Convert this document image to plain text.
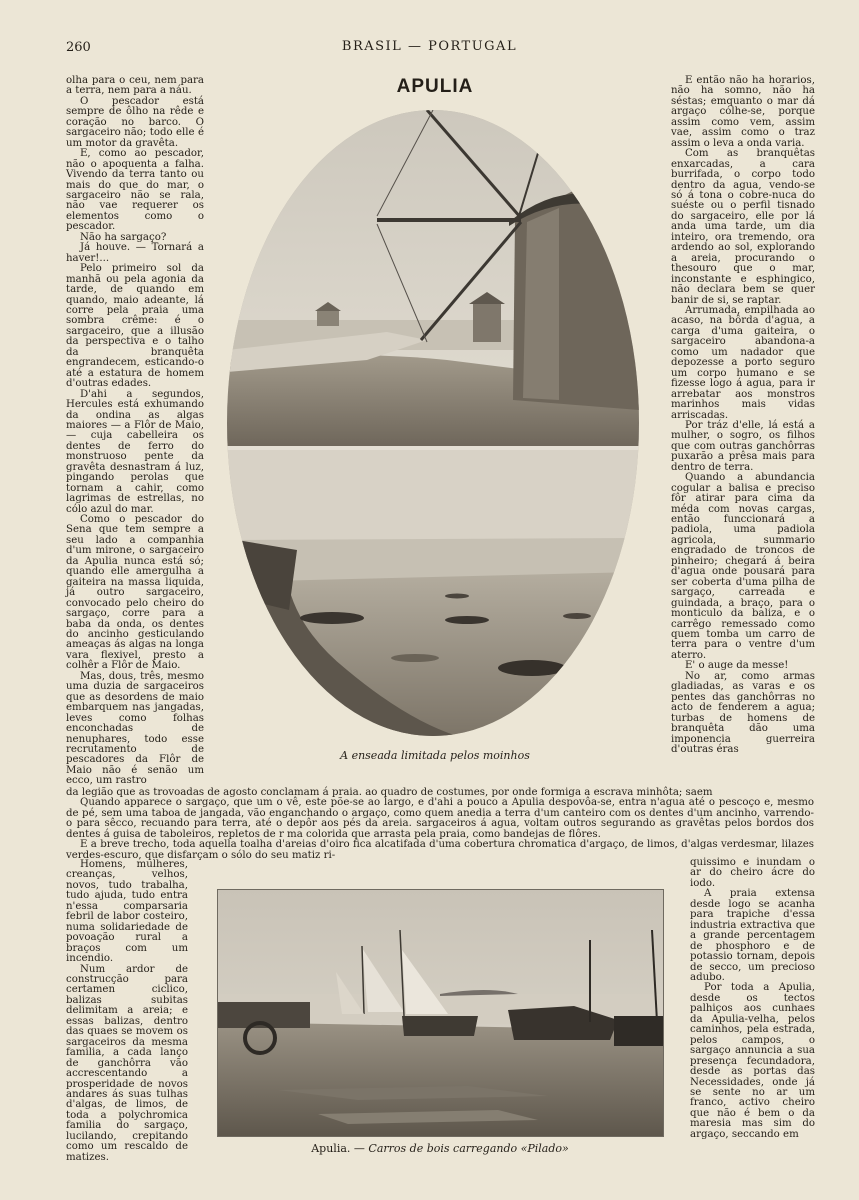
260	BRASIL — PORTUGAL
APULIA

olha para o ceu, nem para a terra, nem para a náu.

O pescador está sempre de ôlho na rêde e coração no barco. O sargaceiro não; todo elle é um motor da gravêta.

E, como ao pescador, não o apoquenta a falha. Vivendo da terra tanto ou mais do que do mar, o sargaceiro não se rala, não vae requerer os elementos como o pescador.

Não ha sargaço?

Já houve. — Tornará a haver!...

Pelo primeiro sol da manhã ou pela agonia da tarde, de quando em quando, maio adeante, lá corre pela praia uma sombra crême: é o sargaceiro, que a illusão da perspectiva e o talho da branquêta engrandecem, esticando-o até a estatura de homem d'outras edades.

D'ahi a segundos, Hercules está exhumando da ondina as algas maiores — a Flôr de Maio, — cuja cabelleira os dentes de ferro do monstruoso pente da gravêta desnastram á luz, pingando perolas que tornam a cahir, como lagrimas de estrellas, no cólo azul do mar.

Como o pescador do Sena que tem sempre a seu lado a companhia d'um mirone, o sargaceiro da Apulia nunca está só; quando elle amergulha a gaiteira na massa liquida, já outro sargaceiro, convocado pelo cheiro do sargaço, corre para a baba da onda, os dentes do ancinho gesticulando ameaças ás algas na longa vara flexivel, presto a colhêr a Flôr de Maio.

Mas, dous, três, mesmo uma duzia de sargaceiros que as desordens de maio embarquem nas jangadas, leves como folhas enconchadas de nenuphares, todo esse recrutamento de pescadores da Flôr de Maio não é senão um ecco, um rastro

A enseada limitada pelos moinhos

E então não ha horarios, não ha somno, não ha séstas; emquanto o mar dá argaço cólhe-se, porque assim como vem, assim vae, assim como o traz assim o leva a onda varia.

Com as branquêtas enxarcadas, a cara burrifada, o corpo todo dentro da agua, vendo-se só á tona o cobre-nuca do suéste ou o perfil tisnado do sargaceiro, elle por lá anda uma tarde, um dia inteiro, ora tremendo, ora ardendo ao sol, explorando a areia, procurando o thesouro que o mar, inconstante e esphingico, não declara bem se quer banir de si, se raptar.

Arrumada, empilhada ao acaso, na bôrda d'agua, a carga d'uma gaiteira, o sargaceiro abandona-a como um nadador que depozesse a porto seguro um corpo humano e se fizesse logo á agua, para ir arrebatar aos monstros marinhos mais vidas arriscadas.

Por tráz d'elle, lá está a mulher, o sogro, os filhos que com outras ganchôrras puxarão a prêsa mais para dentro de terra.

Quando a abundancia cogular a balisa e preciso fôr atirar para cima da méda com novas cargas, então funccionará a padiola, uma padiola agricola, summario engradado de troncos de pinheiro; chegará á beira d'agua onde pousará para ser coberta d'uma pilha de sargaço, carreada e guindada, a braço, para o monticulo da baliza, e o carrêgo remessado como quem tomba um carro de terra para o ventre d'um aterro.

E' o auge da messe!

No ar, como armas gladiadas, as varas e os pentes das ganchôrras no acto de fenderem a agua; turbas de homens de branquêta dão uma imponencia guerreira d'outras éras

da legião que as trovoadas de agosto conclamam á praia. ao quadro de costumes, por onde formiga a escrava minhôta; saem

Quando apparece o sargaço, que um o vê, este põe-se ao largo, e d'ahi a pouco a Apulia despovôa-se, entra n'agua até o pescoço e, mesmo de pé, sem uma taboa de jangada, vão enganchando o argaço, como quem anedia a terra d'um canteiro com os dentes d'um ancinho, varrendo-o para sêcco, recuando para terra, até o depôr aos pés da areia. sargaceiros á agua, voltam outros segurando as gravêtas pelos bordos dos dentes á guisa de taboleiros, repletos de r ma colorida que arrasta pela praia, como bandejas de flôres.

E a breve trecho, toda aquella toalha d'areias d'oiro fica alcatifada d'uma cobertura chromatica d'argaço, de limos, d'algas verdesmar, lilazes verdes-escuro, que disfarçam o sólo do seu matiz ri-

Homens, mulheres, creanças, velhos, novos, tudo trabalha, tudo ajuda, tudo entra n'essa comparsaria febril de labor costeiro, numa solidariedade de povoação rural a braços com um incendio.

Num ardor de construcção para certamen ciclico, balizas subitas delimitam a areia; e essas balizas, dentro das quaes se movem os sargaceiros da mesma familia, a cada lanço de ganchôrra vão accrescentando a prosperidade de novos andares ás suas tulhas d'algas, de limos, de toda a polychromica familia do sargaço, lucilando, crepitando como um rescaldo de matizes.

Apulia. — Carros de bois carregando «Pilado»

quissimo e inundam o ar do cheiro ácre do iodo.

A praia extensa desde logo se acanha para trapiche d'essa industria extractiva que a grande percentagem de phosphoro e de potassio tornam, depois de secco, um precioso adubo.

Por toda a Apulia, desde os tectos palhiços aos cunhaes da Apulia-velha, pelos caminhos, pela estrada, pelos campos, o sargaço annuncia a sua presença fecundadora, desde as portas das Necessidades, onde já se sente no ar um franco, activo cheiro que não é bem o da maresia mas sim do argaço, seccando em
